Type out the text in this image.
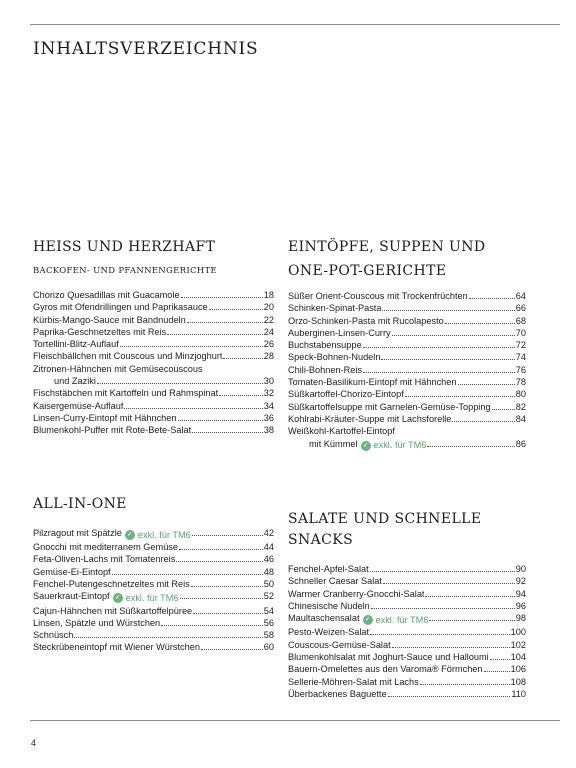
INHALTSVERZEICHNIS
HEISS UND HERZHAFT
BACKOFEN- UND PFANNENGERICHTE
Chorizo Quesadillas mit Guacamole	18
Gyros mit Ofendrillingen und Paprikasauce	20
Kürbis-Mango-Sauce mit Bandnudeln	22
Paprika-Geschnetzeltes mit Reis	24
Tortellini-Blitz-Auflauf	26
Fleischbällchen mit Couscous und Minzjoghurt	28
Zitronen-Hähnchen mit Gemüsecouscous
und Zaziki	30
Fischstäbchen mit Kartoffeln und Rahmspinat	32
Kaisergemüse-Auflauf	34
Linsen-Curry-Eintopf mit Hähnchen	36
Blumenkohl-Puffer mit Rote-Bete-Salat	38
ALL-IN-ONE
Pilzragout mit Spätzle ✓ exkl. für TM6	42
Gnocchi mit mediterranem Gemüse	44
Feta-Oliven-Lachs mit Tomatenreis	46
Gemüse-Ei-Eintopf	48
Fenchel-Putengeschnetzeltes mit Reis	50
Sauerkraut-Eintopf ✓ exkl. für TM6	52
Cajun-Hähnchen mit Süßkartoffelpüree	54
Linsen, Spätzle und Würstchen	56
Schnüsch	58
Steckrübeneintopf mit Wiener Würstchen	60
EINTÖPFE, SUPPEN UND
ONE-POT-GERICHTE
Süßer Orient-Couscous mit Trockenfrüchten	64
Schinken-Spinat-Pasta	66
Orzo-Schinken-Pasta mit Rucolapesto	68
Auberginen-Linsen-Curry	70
Buchstabensuppe	72
Speck-Bohnen-Nudeln	74
Chili-Bohnen-Reis	76
Tomaten-Basilikum-Eintopf mit Hähnchen	78
Süßkartoffel-Chorizo-Eintopf	80
Süßkartoffelsuppe mit Garnelen-Gemüse-Topping	82
Kohlrabi-Kräuter-Suppe mit Lachsforelle	84
Weißkohl-Kartoffel-Eintopf
mit Kümmel ✓ exkl. für TM6	86
SALATE UND SCHNELLE SNACKS
Fenchel-Apfel-Salat	90
Schneller Caesar Salat	92
Warmer Cranberry-Gnocchi-Salat	94
Chinesische Nudeln	96
Maultaschensalat ✓ exkl. für TM6	98
Pesto-Weizen-Salat	100
Couscous-Gemüse-Salat	102
Blumenkohlsalat mit Joghurt-Sauce und Halloumi 104
Bauern-Omelettes aus den Varoma® Förmchen	106
Sellerie-Möhren-Salat mit Lachs	108
Überbackenes Baguette	110
4
